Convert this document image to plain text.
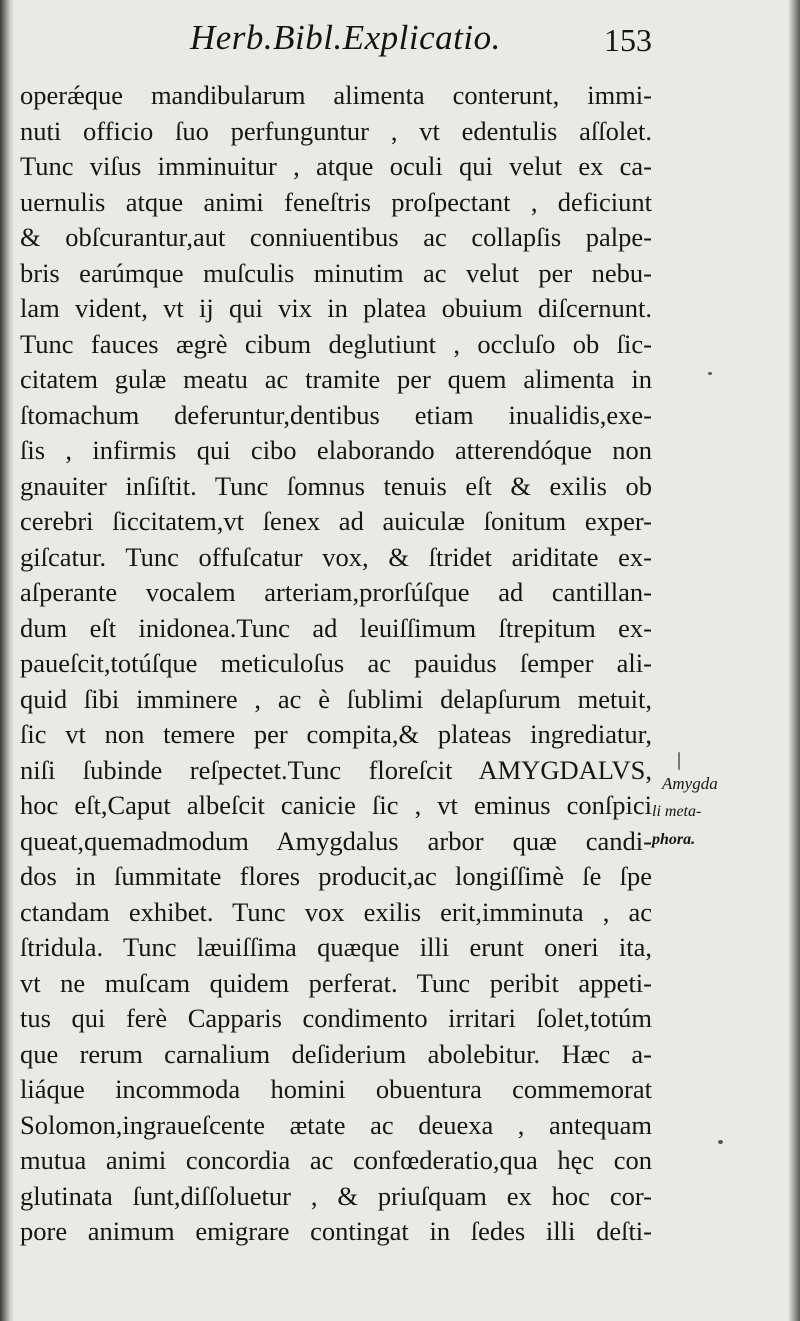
Herb.Bibl.Explicatio.	153
operǽque mandibularum alimenta conterunt, immi-
nuti officio ſuo perfunguntur , vt edentulis aſſolet.
Tunc viſus imminuitur , atque oculi qui velut ex ca-
uernulis atque animi feneſtris proſpectant , deficiunt
& obſcurantur,aut conniuentibus ac collapſis palpe-
bris earúmque muſculis minutim ac velut per nebu-
lam vident, vt ij qui vix in platea obuium diſcernunt.
Tunc fauces ægrè cibum deglutiunt , occluſo ob ſic-
citatem gulæ meatu ac tramite per quem alimenta in
ſtomachum deferuntur,dentibus etiam inualidis,exe-
ſis , infirmis qui cibo elaborando atterendóque non
gnauiter inſiſtit. Tunc ſomnus tenuis eſt & exilis ob
cerebri ſiccitatem,vt ſenex ad auiculæ ſonitum exper-
giſcatur. Tunc offuſcatur vox, & ſtridet ariditate ex-
aſperante vocalem arteriam,prorſúſque ad cantillan-
dum eſt inidonea.Tunc ad leuiſſimum ſtrepitum ex-
paueſcit,totúſque meticuloſus ac pauidus ſemper ali-
quid ſibi imminere , ac è ſublimi delapſurum metuit,
ſic vt non temere per compita,& plateas ingrediatur,
niſi ſubinde reſpectet.Tunc floreſcit AMYGDALVS,
hoc eſt,Caput albeſcit canicie ſic , vt eminus conſpici
queat,quemadmodum Amygdalus arbor quæ candi-
dos in ſummitate flores producit,ac longiſſimè ſe ſpe
ctandam exhibet. Tunc vox exilis erit,imminuta , ac
ſtridula. Tunc læuiſſima quæque illi erunt oneri ita,
vt ne muſcam quidem perferat. Tunc peribit appeti-
tus qui ferè Capparis condimento irritari ſolet,totúm
que rerum carnalium deſiderium abolebitur. Hæc a-
liáque incommoda homini obuentura commemorat
Solomon,ingraueſcente ætate ac deuexa , antequam
mutua animi concordia ac confœderatio,qua hęc con
glutinata ſunt,diſſoluetur , & priuſquam ex hoc cor-
pore animum emigrare contingat in ſedes illi deſti-
Amygda
li meta-
phora.
